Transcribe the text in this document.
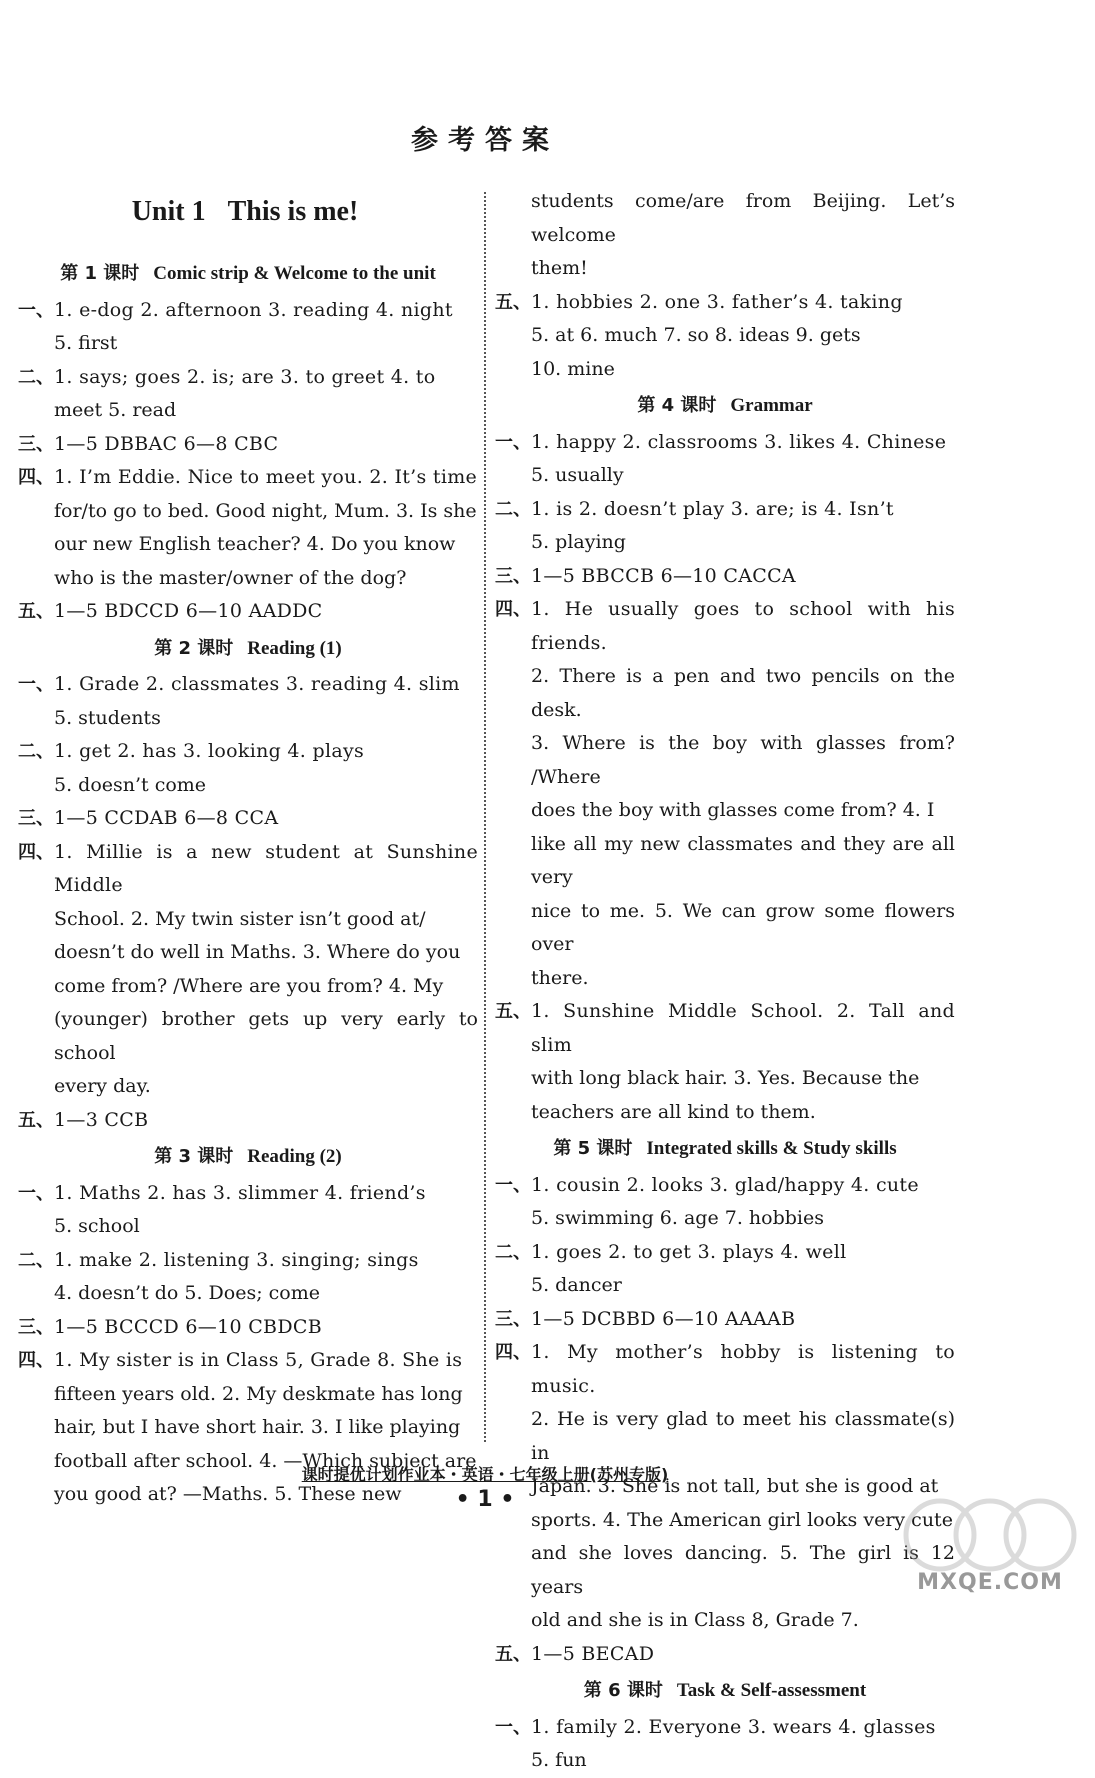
参考答案
Unit 1 This is me!
第 1 课时 Comic strip & Welcome to the unit
一、 1. e-dog 2. afternoon 3. reading 4. night
5. first
二、 1. says; goes 2. is; are 3. to greet 4. to
meet 5. read
三、 1—5 DBBAC 6—8 CBC
四、 1. I’m Eddie. Nice to meet you. 2. It’s time
for/to go to bed. Good night, Mum. 3. Is she
our new English teacher? 4. Do you know
who is the master/owner of the dog?
五、 1—5 BDCCD 6—10 AADDC
第 2 课时 Reading (1)
一、 1. Grade 2. classmates 3. reading 4. slim
5. students
二、 1. get 2. has 3. looking 4. plays
5. doesn’t come
三、 1—5 CCDAB 6—8 CCA
四、 1. Millie is a new student at Sunshine Middle
School. 2. My twin sister isn’t good at/
doesn’t do well in Maths. 3. Where do you
come from? /Where are you from? 4. My
(younger) brother gets up very early to school
every day.
五、 1—3 CCB
第 3 课时 Reading (2)
一、 1. Maths 2. has 3. slimmer 4. friend’s
5. school
二、 1. make 2. listening 3. singing; sings
4. doesn’t do 5. Does; come
三、 1—5 BCCCD 6—10 CBDCB
四、 1. My sister is in Class 5, Grade 8. She is
fifteen years old. 2. My deskmate has long
hair, but I have short hair. 3. I like playing
football after school. 4. —Which subject are
you good at? —Maths. 5. These new
students come/are from Beijing. Let’s welcome
them!
五、 1. hobbies 2. one 3. father’s 4. taking
5. at 6. much 7. so 8. ideas 9. gets
10. mine
第 4 课时 Grammar
一、 1. happy 2. classrooms 3. likes 4. Chinese
5. usually
二、 1. is 2. doesn’t play 3. are; is 4. Isn’t
5. playing
三、 1—5 BBCCB 6—10 CACCA
四、 1. He usually goes to school with his friends.
2. There is a pen and two pencils on the desk.
3. Where is the boy with glasses from? /Where
does the boy with glasses come from? 4. I
like all my new classmates and they are all very
nice to me. 5. We can grow some flowers over
there.
五、 1. Sunshine Middle School. 2. Tall and slim
with long black hair. 3. Yes. Because the
teachers are all kind to them.
第 5 课时 Integrated skills & Study skills
一、 1. cousin 2. looks 3. glad/happy 4. cute
5. swimming 6. age 7. hobbies
二、 1. goes 2. to get 3. plays 4. well
5. dancer
三、 1—5 DCBBD 6—10 AAAAB
四、 1. My mother’s hobby is listening to music.
2. He is very glad to meet his classmate(s) in
Japan. 3. She is not tall, but she is good at
sports. 4. The American girl looks very cute
and she loves dancing. 5. The girl is 12 years
old and she is in Class 8, Grade 7.
五、 1—5 BECAD
第 6 课时 Task & Self-assessment
一、 1. family 2. Everyone 3. wears 4. glasses
5. fun
课时提优计划作业本・英语・七年级上册(苏州专版)
• 1 •
MXQE.COM
